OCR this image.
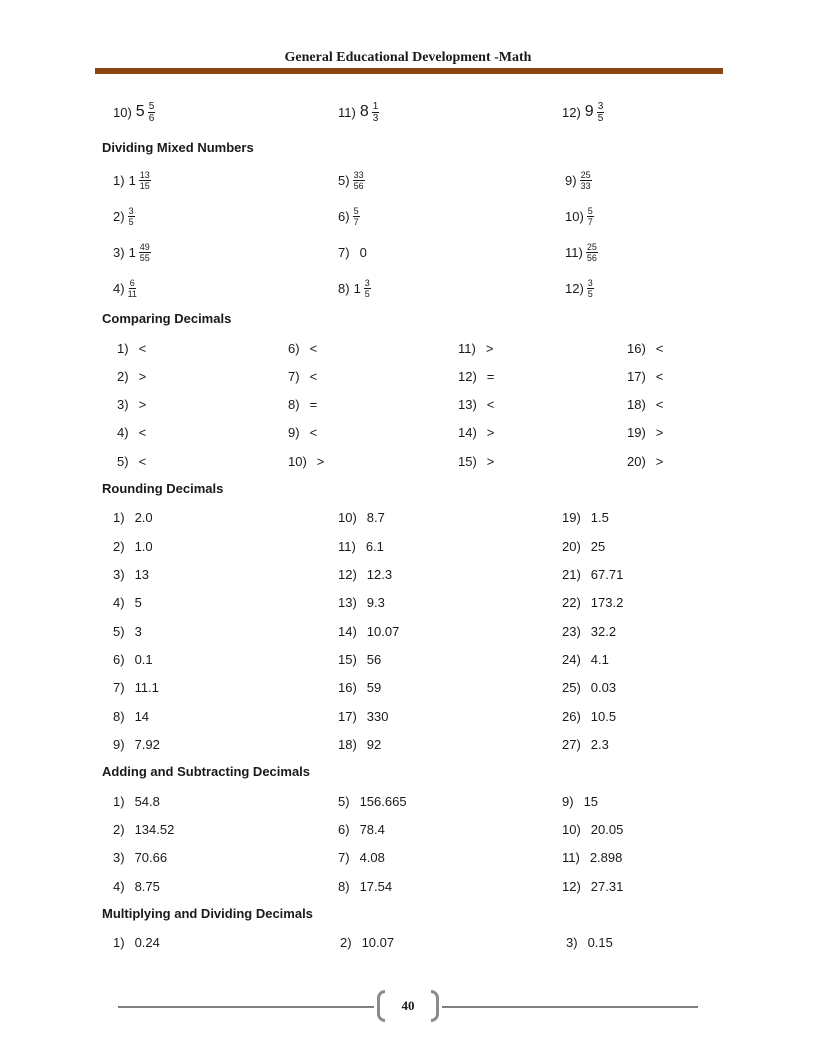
General Educational Development -Math
10) $5 \frac{5}{6}$	11) $8 \frac{1}{3}$	12) $9 \frac{3}{5}$
Dividing Mixed Numbers
1) $1 \frac{13}{15}$	$5) \frac{33}{56}$	$9) \frac{25}{33}$
$2) \frac{3}{5}$	$6) \frac{5}{7}$	$10) \frac{5}{7}$
3) $1 \frac{49}{55}$	7) 0	$11) \frac{25}{56}$
$4) \frac{6}{11}$	8) $1 \frac{3}{5}$	$12) \frac{3}{5}$
Comparing Decimals
1) <	6) <	11) >	16) <
2) >	7) <	12) =	17) <
3) >	8) =	13) <	18) <
4) <	9) <	14) >	19) >
5) <	10) >	15) >	20) >
Rounding Decimals
1) 2.0	10) 8.7	19) 1.5
2) 1.0	11) 6.1	20) 25
3) 13	12) 12.3	21) 67.71
4) 5	13) 9.3	22) 173.2
5) 3	14) 10.07	23) 32.2
6) 0.1	15) 56	24) 4.1
7) 11.1	16) 59	25) 0.03
8) 14	17) 330	26) 10.5
9) 7.92	18) 92	27) 2.3
Adding and Subtracting Decimals
1) 54.8	5) 156.665	9) 15
2) 134.52	6) 78.4	10) 20.05
3) 70.66	7) 4.08	11) 2.898
4) 8.75	8) 17.54	12) 27.31
Multiplying and Dividing Decimals
1) 0.24	2) 10.07	3) 0.15
40
